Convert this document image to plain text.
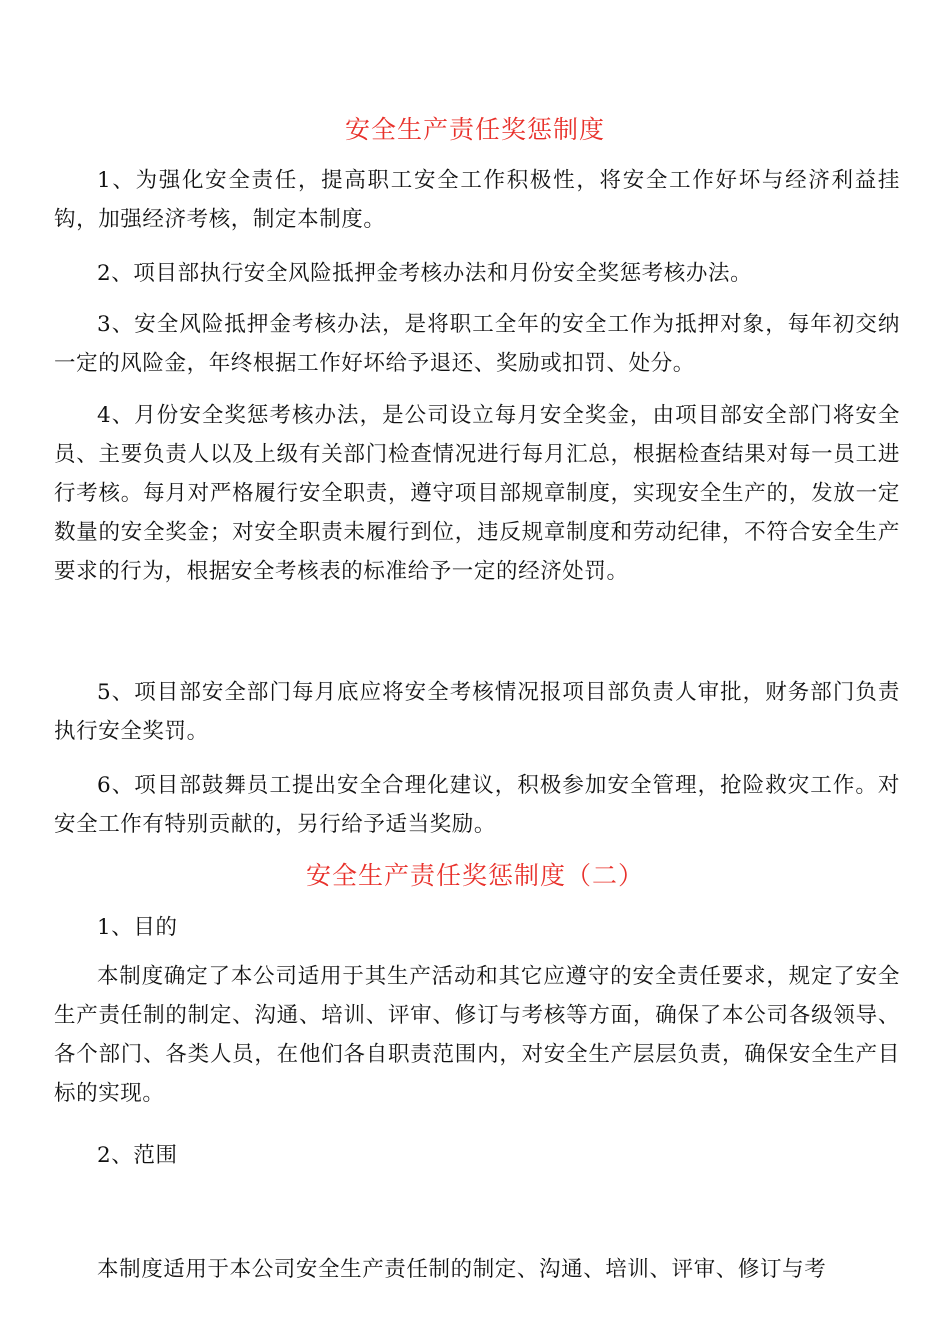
安全生产责任奖惩制度

1、为强化安全责任，提高职工安全工作积极性，将安全工作好坏与经济利益挂钩，加强经济考核，制定本制度。

2、项目部执行安全风险抵押金考核办法和月份安全奖惩考核办法。

3、安全风险抵押金考核办法，是将职工全年的安全工作为抵押对象，每年初交纳一定的风险金，年终根据工作好坏给予退还、奖励或扣罚、处分。

4、月份安全奖惩考核办法，是公司设立每月安全奖金，由项目部安全部门将安全员、主要负责人以及上级有关部门检查情况进行每月汇总，根据检查结果对每一员工进行考核。每月对严格履行安全职责，遵守项目部规章制度，实现安全生产的，发放一定数量的安全奖金；对安全职责未履行到位，违反规章制度和劳动纪律，不符合安全生产要求的行为，根据安全考核表的标准给予一定的经济处罚。

5、项目部安全部门每月底应将安全考核情况报项目部负责人审批，财务部门负责执行安全奖罚。

6、项目部鼓舞员工提出安全合理化建议，积极参加安全管理，抢险救灾工作。对安全工作有特别贡献的，另行给予适当奖励。

安全生产责任奖惩制度（二）

1、目的

本制度确定了本公司适用于其生产活动和其它应遵守的安全责任要求，规定了安全生产责任制的制定、沟通、培训、评审、修订与考核等方面，确保了本公司各级领导、各个部门、各类人员，在他们各自职责范围内，对安全生产层层负责，确保安全生产目标的实现。

2、范围

本制度适用于本公司安全生产责任制的制定、沟通、培训、评审、修订与考
